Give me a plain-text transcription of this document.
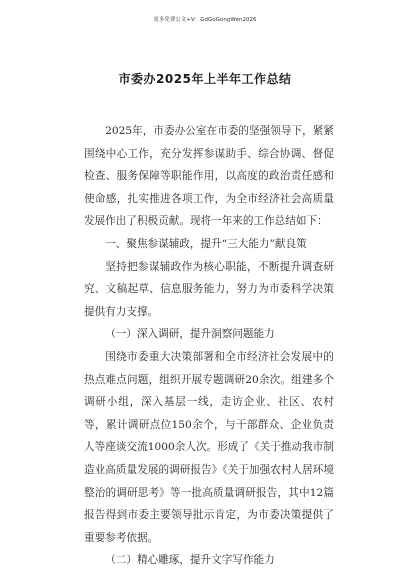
更多免费公文+V：GdGoGongWen2026
市委办2025年上半年工作总结

2025年，市委办公室在市委的坚强领导下，紧紧围绕中心工作，充分发挥参谋助手、综合协调、督促检查、服务保障等职能作用，以高度的政治责任感和使命感，扎实推进各项工作，为全市经济社会高质量发展作出了积极贡献。现将一年来的工作总结如下：

一、聚焦参谋辅政，提升“三大能力”献良策

坚持把参谋辅政作为核心职能，不断提升调查研究、文稿起草、信息服务能力，努力为市委科学决策提供有力支撑。

（一）深入调研，提升洞察问题能力

围绕市委重大决策部署和全市经济社会发展中的热点难点问题，组织开展专题调研20余次。组建多个调研小组，深入基层一线，走访企业、社区、农村等，累计调研点位150余个，与干部群众、企业负责人等座谈交流1000余人次。形成了《关于推动我市制造业高质量发展的调研报告》《关于加强农村人居环境整治的调研思考》等一批高质量调研报告，其中12篇报告得到市委主要领导批示肯定，为市委决策提供了重要参考依据。

（二）精心雕琢，提升文字写作能力
